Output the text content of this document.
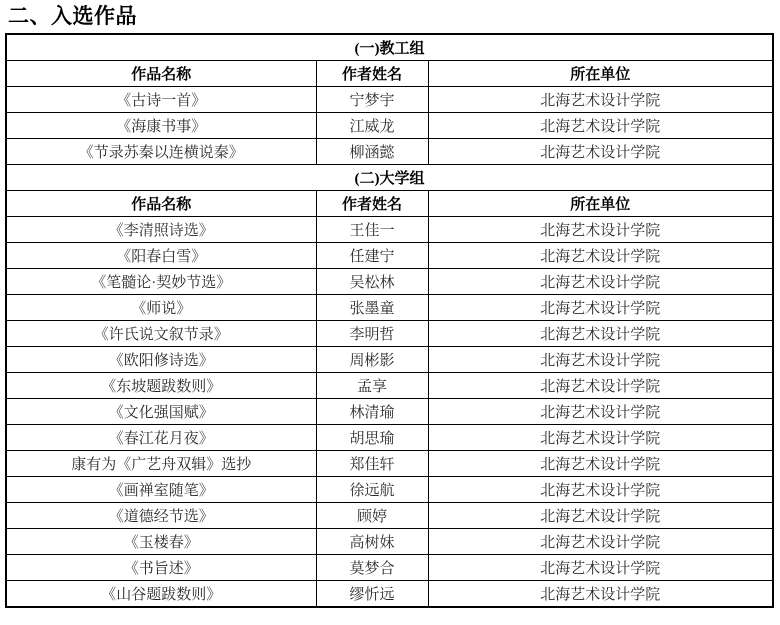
二、入选作品
(一)教工组		
作品名称	作者姓名	所在单位
《古诗一首》	宁梦宇	北海艺术设计学院
《海康书事》	江威龙	北海艺术设计学院
《节录苏秦以连横说秦》	柳涵懿	北海艺术设计学院
(二)大学组		
作品名称	作者姓名	所在单位
《李清照诗选》	王佳一	北海艺术设计学院
《阳春白雪》	任建宁	北海艺术设计学院
《笔髓论·契妙节选》	吴松林	北海艺术设计学院
《师说》	张墨童	北海艺术设计学院
《许氏说文叙节录》	李明哲	北海艺术设计学院
《欧阳修诗选》	周彬影	北海艺术设计学院
《东坡题跋数则》	孟享	北海艺术设计学院
《文化强国赋》	林清瑜	北海艺术设计学院
《春江花月夜》	胡思瑜	北海艺术设计学院
康有为《广艺舟双辑》选抄	郑佳轩	北海艺术设计学院
《画禅室随笔》	徐远航	北海艺术设计学院
《道德经节选》	顾婷	北海艺术设计学院
《玉楼春》	高树妹	北海艺术设计学院
《书旨述》	莫梦合	北海艺术设计学院
《山谷题跋数则》	缪忻远	北海艺术设计学院
